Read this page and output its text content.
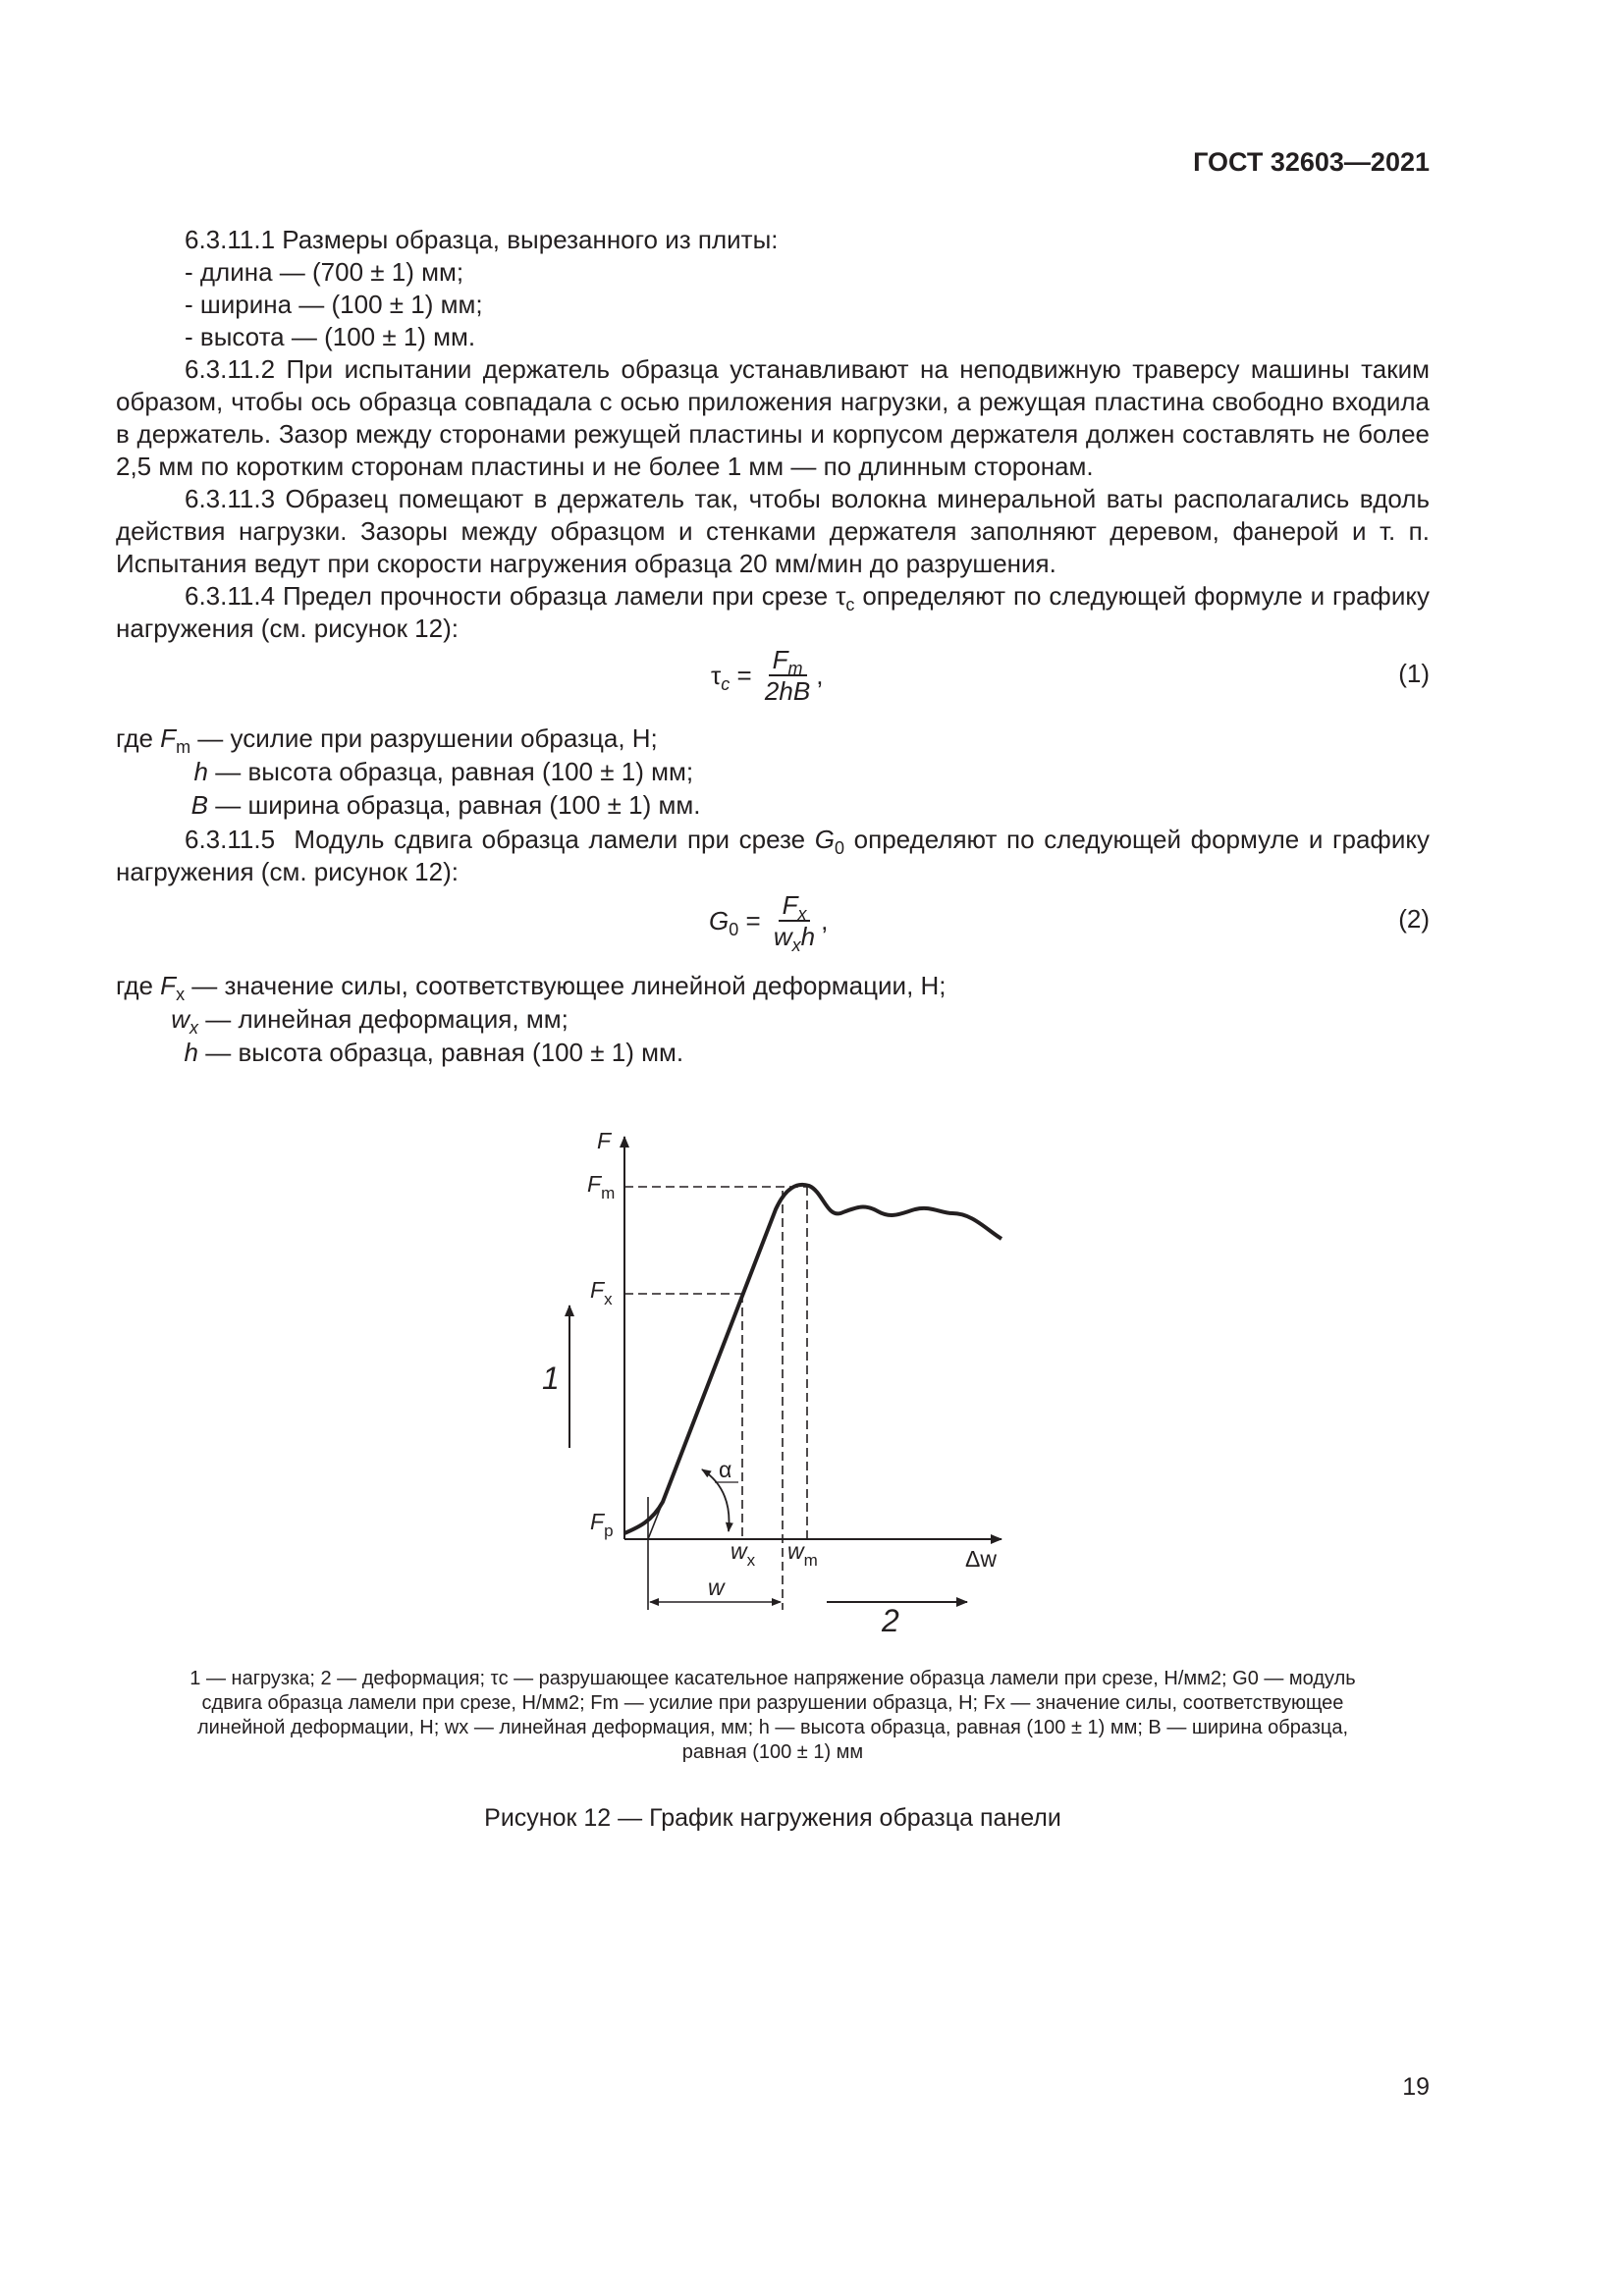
ГОСТ 32603—2021

6.3.11.1 Размеры образца, вырезанного из плиты:

- длина — (700 ± 1) мм;

- ширина — (100 ± 1) мм;

- высота — (100 ± 1) мм.

6.3.11.2 При испытании держатель образца устанавливают на неподвижную траверсу машины таким образом, чтобы ось образца совпадала с осью приложения нагрузки, а режущая пластина свободно входила в держатель. Зазор между сторонами режущей пластины и корпусом держателя должен составлять не более 2,5 мм по коротким сторонам пластины и не более 1 мм — по длинным сторонам.

6.3.11.3 Образец помещают в держатель так, чтобы волокна минеральной ваты располагались вдоль действия нагрузки. Зазоры между образцом и стенками держателя заполняют деревом, фанерой и т. п. Испытания ведут при скорости нагружения образца 20 мм/мин до разрушения.

6.3.11.4 Предел прочности образца ламели при срезе $\tau_c$ определяют по следующей формуле и графику нагружения (см. рисунок 12):

$\tau_c = \frac{F_m}{2hB}$ ,	(1)
где $F_m$ — усилие при разрушении образца, Н;
h — высота образца, равная (100 ± 1) мм;
B — ширина образца, равная (100 ± 1) мм.

6.3.11.5  Модуль сдвига образца ламели при срезе $G_0$ определяют по следующей формуле и графику нагружения (см. рисунок 12):

$G_0 = \frac{F_x}{w_xh}$ ,	(2)
где $F_x$ — значение силы, соответствующее линейной деформации, Н;
$w_x$ — линейная деформация, мм;
h — высота образца, равная (100 ± 1) мм.
F
$F_m$
$F_x$
$F_p$
$w_x$ $w_m$	Δw
w
α
1
2
1 — нагрузка; 2 — деформация; τc — разрушающее касательное напряжение образца ламели при срезе, Н/мм2; G0 — модуль
сдвига образца ламели при срезе, Н/мм2; Fm — усилие при разрушении образца, Н; Fx — значение силы, соответствующее
линейной деформации, Н; wx — линейная деформация, мм; h — высота образца, равная (100 ± 1) мм; B — ширина образца,
равная (100 ± 1) мм
Рисунок 12 — График нагружения образца панели
19
